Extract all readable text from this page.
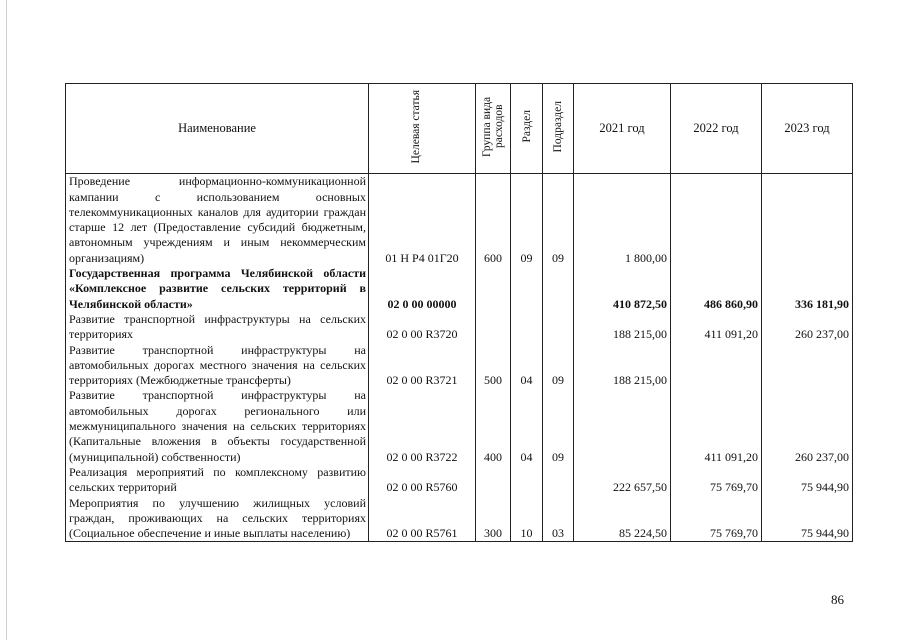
Наименование	Целевая статья	Группа вида расходов	Раздел	Подраздел	2021 год	2022 год	2023 год
Проведение информационно-коммуникационной кампании с использованием основных телекоммуникационных каналов для аудитории граждан старше 12 лет (Предоставление субсидий бюджетным, автономным учреждениям и иным некоммерческим организациям)	01 Н Р4 01Г20	600	09	09	1 800,00		
Государственная программа Челябинской области «Комплексное развитие сельских территорий в Челябинской области»	02 0 00 00000				410 872,50	486 860,90	336 181,90
Развитие транспортной инфраструктуры на сельских территориях	02 0 00 R3720				188 215,00	411 091,20	260 237,00
Развитие транспортной инфраструктуры на автомобильных дорогах местного значения на сельских территориях (Межбюджетные трансферты)	02 0 00 R3721	500	04	09	188 215,00		
Развитие транспортной инфраструктуры на автомобильных дорогах регионального или межмуниципального значения на сельских территориях (Капитальные вложения в объекты государственной (муниципальной) собственности)	02 0 00 R3722	400	04	09		411 091,20	260 237,00
Реализация мероприятий по комплексному развитию сельских территорий	02 0 00 R5760				222 657,50	75 769,70	75 944,90
Мероприятия по улучшению жилищных условий граждан, проживающих на сельских территориях (Социальное обеспечение и иные выплаты населению)	02 0 00 R5761	300	10	03	85 224,50	75 769,70	75 944,90
86
